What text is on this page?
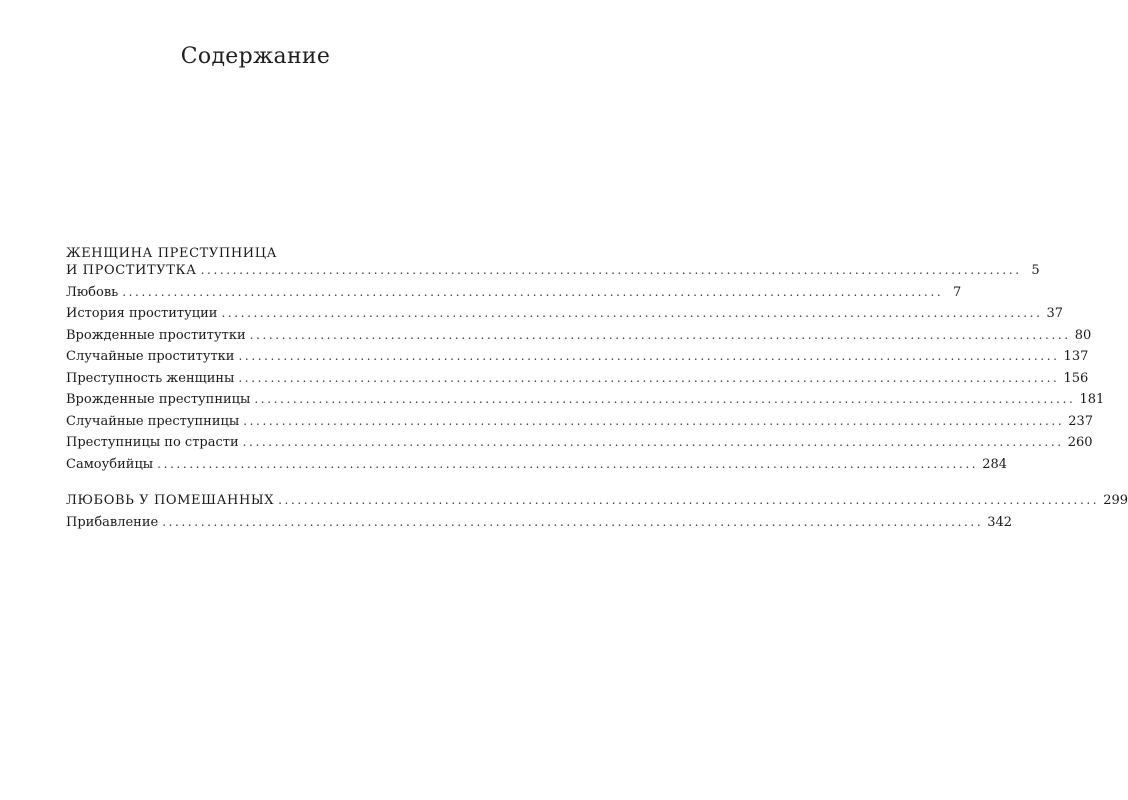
Содержание
ЖЕНЩИНА ПРЕСТУПНИЦА
И ПРОСТИТУТКА ................................................................................................................................ 5
Любовь ................................................................................................................................ 7
История проституции ................................................................................................................................ 37
Врожденные проститутки ................................................................................................................................ 80
Случайные проститутки ................................................................................................................................ 137
Преступность женщины ................................................................................................................................ 156
Врожденные преступницы ................................................................................................................................ 181
Случайные преступницы ................................................................................................................................ 237
Преступницы по страсти ................................................................................................................................ 260
Самоубийцы ................................................................................................................................ 284
ЛЮБОВЬ У ПОМЕШАННЫХ ................................................................................................................................ 299
Прибавление ................................................................................................................................ 342
